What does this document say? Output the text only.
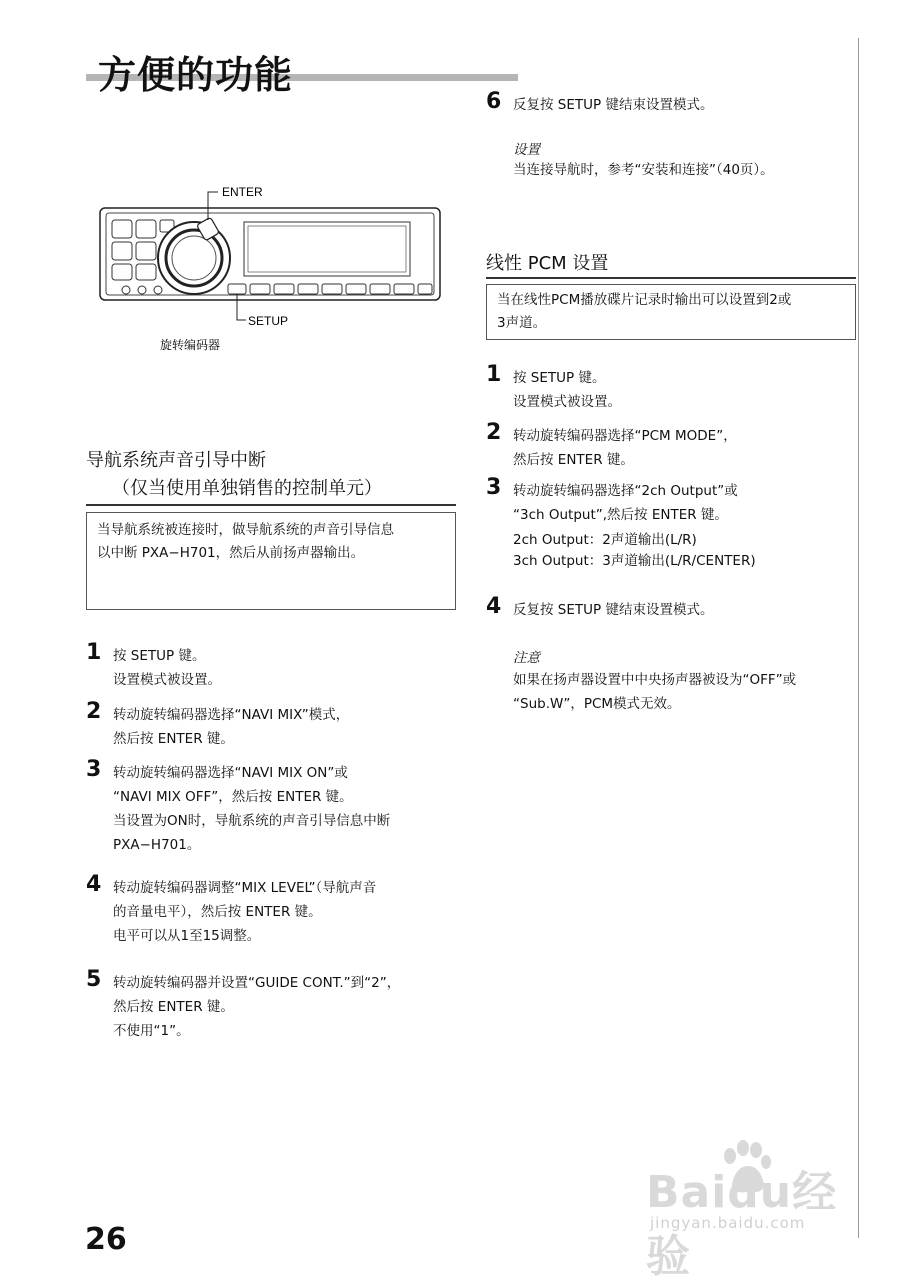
方便的功能
ENTER
SETUP
旋转编码器
导航系统声音引导中断
（仅当使用单独销售的控制单元）
当导航系统被连接时，做导航系统的声音引导信息
以中断 PXA−H701，然后从前扬声器输出。
1 按 SETUP 键。
设置模式被设置。
2 转动旋转编码器选择“NAVI MIX”模式，
然后按 ENTER 键。
3 转动旋转编码器选择“NAVI MIX ON”或
“NAVI MIX OFF”，然后按 ENTER 键。
当设置为ON时，导航系统的声音引导信息中断
PXA−H701。
4 转动旋转编码器调整“MIX LEVEL”（导航声音
的音量电平），然后按 ENTER 键。
电平可以从1至15调整。
5 转动旋转编码器并设置“GUIDE CONT.”到“2”，
然后按 ENTER 键。
不使用“1”。
6 反复按 SETUP 键结束设置模式。
设置
当连接导航时，参考“安装和连接”（40页）。
线性 PCM 设置
当在线性PCM播放碟片记录时输出可以设置到2或
3声道。
1 按 SETUP 键。
设置模式被设置。
2 转动旋转编码器选择“PCM MODE”，
然后按 ENTER 键。
3 转动旋转编码器选择“2ch Output”或
“3ch Output”,然后按 ENTER 键。
2ch Output：2声道输出(L/R)
3ch Output：3声道输出(L/R/CENTER)
4 反复按 SETUP 键结束设置模式。
注意
如果在扬声器设置中中央扬声器被设为“OFF”或
“Sub.W”，PCM模式无效。
26
Baidu经验
jingyan.baidu.com
